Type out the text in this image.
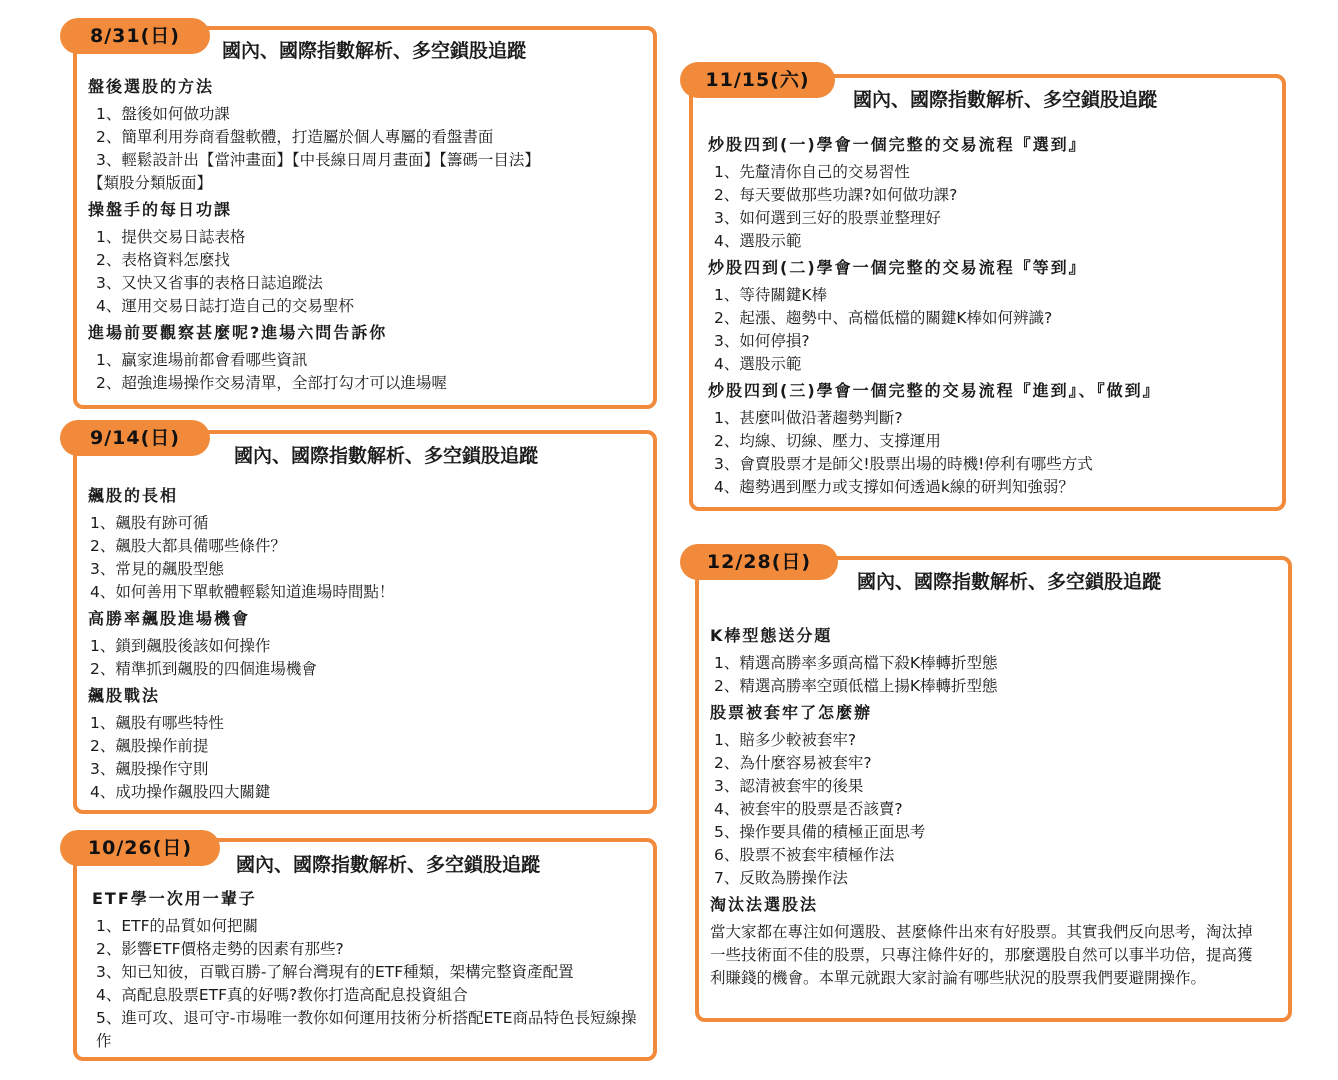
8/31(日)
國內、國際指數解析、多空鎖股追蹤
盤後選股的方法
1、盤後如何做功課
2、簡單利用券商看盤軟體，打造屬於個人專屬的看盤書面
3、輕鬆設計出【當沖畫面】【中長線日周月畫面】【籌碼一目法】
【類股分類版面】
操盤手的每日功課
1、提供交易日誌表格
2、表格資料怎麼找
3、又快又省事的表格日誌追蹤法
4、運用交易日誌打造自己的交易聖杯
進場前要觀察甚麼呢?進場六問告訴你
1、贏家進場前都會看哪些資訊
2、超強進場操作交易清單，全部打勾才可以進場喔
9/14(日)
國內、國際指數解析、多空鎖股追蹤
飆股的長相
1、飆股有跡可循
2、飆股大都具備哪些條件？
3、常見的飆股型態
4、如何善用下單軟體輕鬆知道進場時間點！
高勝率飆股進場機會
1、鎖到飆股後該如何操作
2、精準抓到飆股的四個進場機會
飆股戰法
1、飆股有哪些特性
2、飆股操作前提
3、飆股操作守則
4、成功操作飆股四大關鍵
10/26(日)
國內、國際指數解析、多空鎖股追蹤
ETF學一次用一輩子
1、ETF的品質如何把關
2、影響ETF價格走勢的因素有那些?
3、知已知彼，百戰百勝-了解台灣現有的ETF種類，架構完整資產配置
4、高配息股票ETF真的好嗎?教你打造高配息投資組合
5、進可攻、退可守-市場唯一教你如何運用技術分析搭配ETE商品特色長短線操作
11/15(六)
國內、國際指數解析、多空鎖股追蹤
炒股四到(一)學會一個完整的交易流程『選到』
1、先釐清你自己的交易習性
2、每天要做那些功課?如何做功課?
3、如何選到三好的股票並整理好
4、選股示範
炒股四到(二)學會一個完整的交易流程『等到』
1、等待關鍵K棒
2、起漲、趨勢中、高檔低檔的關鍵K棒如何辨識?
3、如何停損?
4、選股示範
炒股四到(三)學會一個完整的交易流程『進到』、『做到』
1、甚麼叫做沿著趨勢判斷?
2、均線、切線、壓力、支撐運用
3、會賣股票才是師父!股票出場的時機!停利有哪些方式
4、趨勢遇到壓力或支撐如何透過k線的研判知強弱？
12/28(日)
國內、國際指數解析、多空鎖股追蹤
K棒型態送分題
1、精選高勝率多頭高檔下殺K棒轉折型態
2、精選高勝率空頭低檔上揚K棒轉折型態
股票被套牢了怎麼辦
1、賠多少較被套牢?
2、為什麼容易被套牢?
3、認清被套牢的後果
4、被套牢的股票是否該賣?
5、操作要具備的積極正面思考
6、股票不被套牢積極作法
7、反敗為勝操作法
淘汰法選股法
當大家都在專注如何選股、甚麼條件出來有好股票。其實我們反向思考，淘汰掉一些技術面不佳的股票，只專注條件好的，那麼選股自然可以事半功倍，提高獲利賺錢的機會。本單元就跟大家討論有哪些狀況的股票我們要避開操作。
